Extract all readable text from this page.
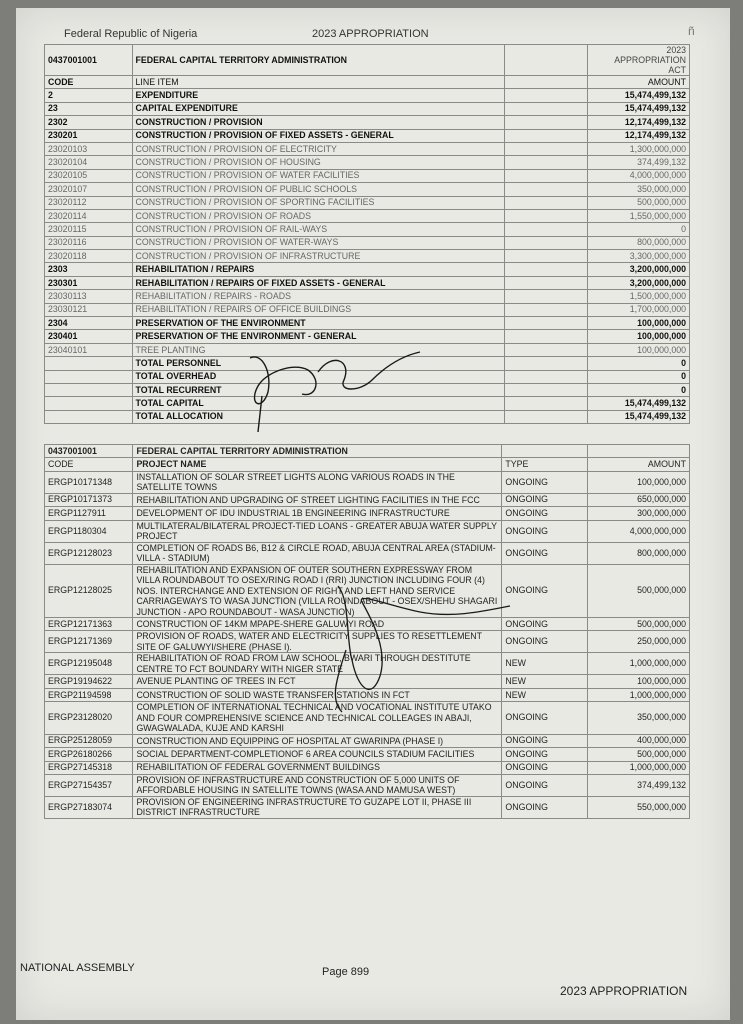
Federal Republic of Nigeria	2023 APPROPRIATION	ñ
0437001001	FEDERAL CAPITAL TERRITORY ADMINISTRATION		2023
APPROPRIATION
ACT

CODE	LINE ITEM		AMOUNT
2	EXPENDITURE		15,474,499,132
23	CAPITAL EXPENDITURE		15,474,499,132
2302	CONSTRUCTION / PROVISION		12,174,499,132
230201	CONSTRUCTION / PROVISION OF FIXED ASSETS - GENERAL		12,174,499,132
23020103	CONSTRUCTION / PROVISION OF ELECTRICITY		1,300,000,000
23020104	CONSTRUCTION / PROVISION OF HOUSING		374,499,132
23020105	CONSTRUCTION / PROVISION OF WATER FACILITIES		4,000,000,000
23020107	CONSTRUCTION / PROVISION OF PUBLIC SCHOOLS		350,000,000
23020112	CONSTRUCTION / PROVISION OF SPORTING FACILITIES		500,000,000
23020114	CONSTRUCTION / PROVISION OF ROADS		1,550,000,000
23020115	CONSTRUCTION / PROVISION OF RAIL-WAYS		0
23020116	CONSTRUCTION / PROVISION OF WATER-WAYS		800,000,000
23020118	CONSTRUCTION / PROVISION OF INFRASTRUCTURE		3,300,000,000
2303	REHABILITATION / REPAIRS		3,200,000,000
230301	REHABILITATION / REPAIRS OF FIXED ASSETS - GENERAL		3,200,000,000
23030113	REHABILITATION / REPAIRS - ROADS		1,500,000,000
23030121	REHABILITATION / REPAIRS OF OFFICE BUILDINGS		1,700,000,000
2304	PRESERVATION OF THE ENVIRONMENT		100,000,000
230401	PRESERVATION OF THE ENVIRONMENT - GENERAL		100,000,000
23040101	TREE PLANTING		100,000,000
	TOTAL PERSONNEL		0
	TOTAL OVERHEAD		0
	TOTAL RECURRENT		0
	TOTAL CAPITAL		15,474,499,132
	TOTAL ALLOCATION		15,474,499,132
0437001001	FEDERAL CAPITAL TERRITORY ADMINISTRATION		
CODE	PROJECT NAME	TYPE	AMOUNT
ERGP10171348	INSTALLATION OF SOLAR STREET LIGHTS ALONG VARIOUS ROADS IN THE SATELLITE TOWNS	ONGOING	100,000,000
ERGP10171373	REHABILITATION AND UPGRADING OF STREET LIGHTING FACILITIES IN THE FCC	ONGOING	650,000,000
ERGP1127911	DEVELOPMENT OF IDU INDUSTRIAL 1B ENGINEERING INFRASTRUCTURE	ONGOING	300,000,000
ERGP1180304	MULTILATERAL/BILATERAL PROJECT-TIED LOANS - GREATER ABUJA WATER SUPPLY PROJECT	ONGOING	4,000,000,000
ERGP12128023	COMPLETION OF ROADS B6, B12 & CIRCLE ROAD, ABUJA CENTRAL AREA (STADIUM-VILLA - STADIUM)	ONGOING	800,000,000
ERGP12128025	REHABILITATION AND EXPANSION OF OUTER SOUTHERN EXPRESSWAY FROM VILLA ROUNDABOUT TO OSEX/RING ROAD I (RRI) JUNCTION INCLUDING FOUR (4) NOS. INTERCHANGE AND EXTENSION OF RIGHT AND LEFT HAND SERVICE CARRIAGEWAYS TO WASA JUNCTION (VILLA ROUNDABOUT - OSEX/SHEHU SHAGARI JUNCTION - APO ROUNDABOUT - WASA JUNCTION)	ONGOING	500,000,000
ERGP12171363	CONSTRUCTION OF 14KM MPAPE-SHERE GALUWYI ROAD	ONGOING	500,000,000
ERGP12171369	PROVISION OF ROADS, WATER AND ELECTRICITY SUPPLIES TO RESETTLEMENT SITE OF GALUWYI/SHERE (PHASE I).	ONGOING	250,000,000
ERGP12195048	REHABILITATION OF ROAD FROM LAW SCHOOL, BWARI THROUGH DESTITUTE CENTRE TO FCT BOUNDARY WITH NIGER STATE	NEW	1,000,000,000
ERGP19194622	AVENUE PLANTING OF TREES IN FCT	NEW	100,000,000
ERGP21194598	CONSTRUCTION OF SOLID WASTE TRANSFER STATIONS IN FCT	NEW	1,000,000,000
ERGP23128020	COMPLETION OF INTERNATIONAL TECHNICAL AND VOCATIONAL INSTITUTE UTAKO AND FOUR COMPREHENSIVE SCIENCE AND TECHNICAL COLLEAGES IN ABAJI, GWAGWALADA, KUJE AND KARSHI	ONGOING	350,000,000
ERGP25128059	CONSTRUCTION AND EQUIPPING OF HOSPITAL AT GWARINPA (PHASE I)	ONGOING	400,000,000
ERGP26180266	SOCIAL DEPARTMENT-COMPLETIONOF 6 AREA COUNCILS STADIUM FACILITIES	ONGOING	500,000,000
ERGP27145318	REHABILITATION OF FEDERAL GOVERNMENT BUILDINGS	ONGOING	1,000,000,000
ERGP27154357	PROVISION OF INFRASTRUCTURE AND CONSTRUCTION OF 5,000 UNITS OF AFFORDABLE HOUSING IN SATELLITE TOWNS (WASA AND MAMUSA WEST)	ONGOING	374,499,132
ERGP27183074	PROVISION OF ENGINEERING INFRASTRUCTURE TO GUZAPE LOT II, PHASE III DISTRICT INFRASTRUCTURE	ONGOING	550,000,000
NATIONAL ASSEMBLY	Page 899
2023 APPROPRIATION
